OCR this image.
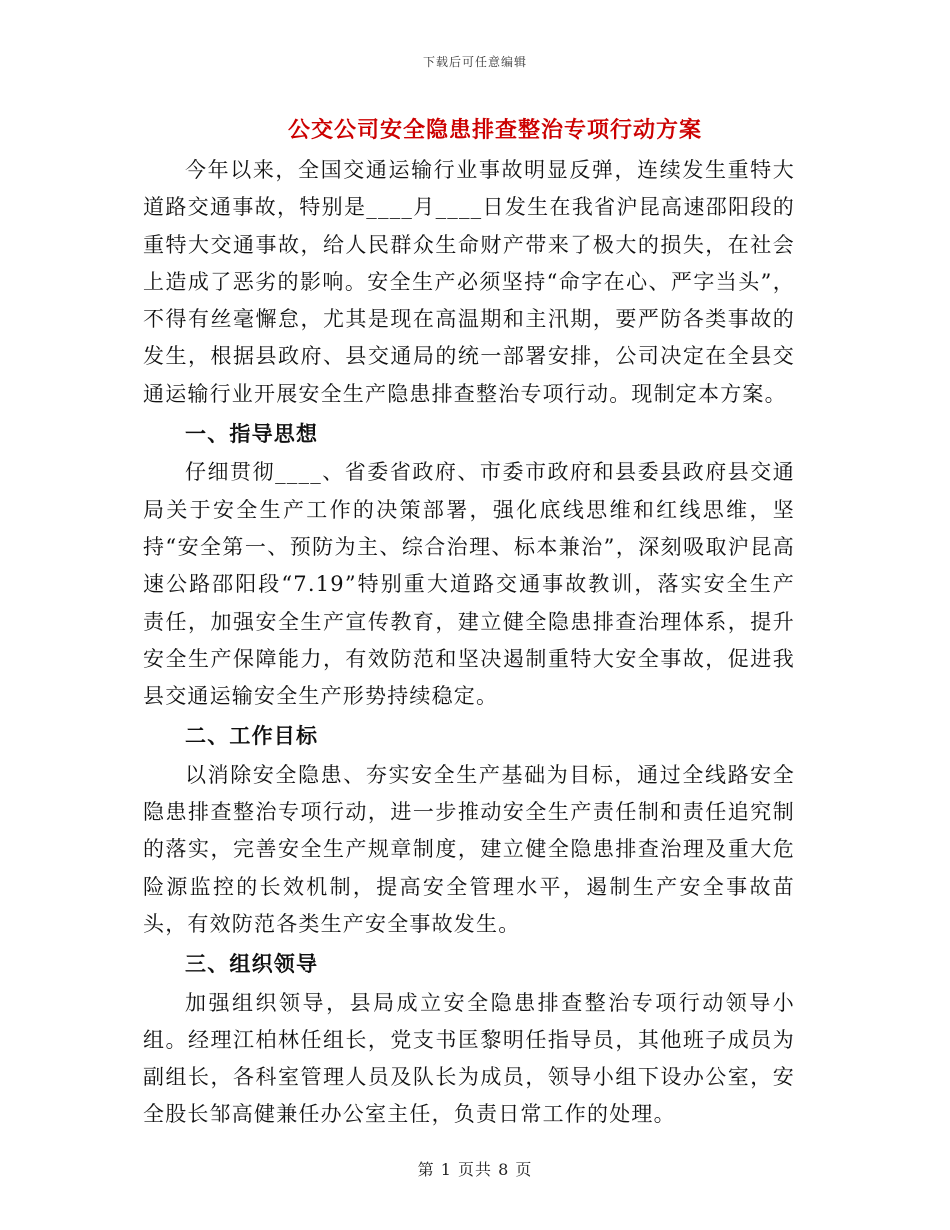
下载后可任意编辑
公交公司安全隐患排查整治专项行动方案

今年以来，全国交通运输行业事故明显反弹，连续发生重特大道路交通事故，特别是____月____日发生在我省沪昆高速邵阳段的重特大交通事故，给人民群众生命财产带来了极大的损失，在社会上造成了恶劣的影响。安全生产必须坚持“命字在心、严字当头”，不得有丝毫懈怠，尤其是现在高温期和主汛期，要严防各类事故的发生，根据县政府、县交通局的统一部署安排，公司决定在全县交通运输行业开展安全生产隐患排查整治专项行动。现制定本方案。

一、指导思想

仔细贯彻____、省委省政府、市委市政府和县委县政府县交通局关于安全生产工作的决策部署，强化底线思维和红线思维，坚持“安全第一、预防为主、综合治理、标本兼治”，深刻吸取沪昆高速公路邵阳段“7.19”特别重大道路交通事故教训，落实安全生产责任，加强安全生产宣传教育，建立健全隐患排查治理体系，提升安全生产保障能力，有效防范和坚决遏制重特大安全事故，促进我县交通运输安全生产形势持续稳定。

二、工作目标

以消除安全隐患、夯实安全生产基础为目标，通过全线路安全隐患排查整治专项行动，进一步推动安全生产责任制和责任追究制的落实，完善安全生产规章制度，建立健全隐患排查治理及重大危险源监控的长效机制，提高安全管理水平，遏制生产安全事故苗头，有效防范各类生产安全事故发生。

三、组织领导

加强组织领导，县局成立安全隐患排查整治专项行动领导小组。经理江柏林任组长，党支书匡黎明任指导员，其他班子成员为副组长，各科室管理人员及队长为成员，领导小组下设办公室，安全股长邹高健兼任办公室主任，负责日常工作的处理。

第 1 页共 8 页
